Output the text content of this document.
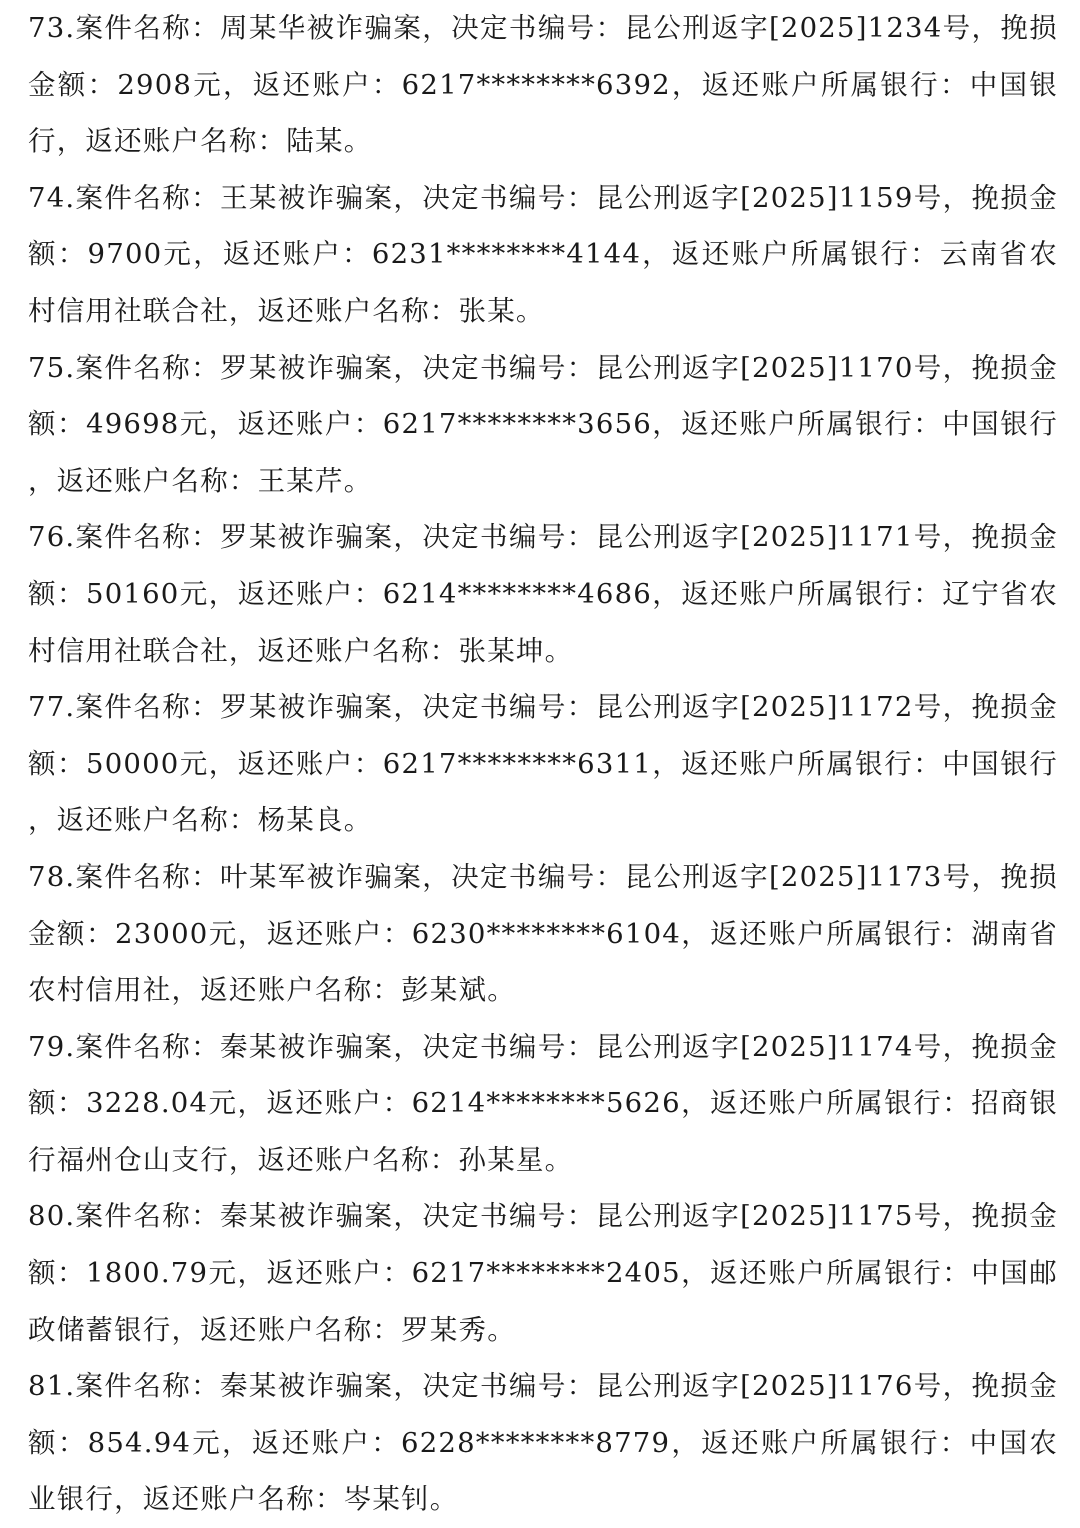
73.案件名称：周某华被诈骗案，决定书编号：昆公刑返字[2025]1234号，挽损金额：2908元，返还账户：6217********6392，返还账户所属银行：中国银行，返还账户名称：陆某。

74.案件名称：王某被诈骗案，决定书编号：昆公刑返字[2025]1159号，挽损金额：9700元，返还账户：6231********4144，返还账户所属银行：云南省农村信用社联合社，返还账户名称：张某。

75.案件名称：罗某被诈骗案，决定书编号：昆公刑返字[2025]1170号，挽损金额：49698元，返还账户：6217********3656，返还账户所属银行：中国银行，返还账户名称：王某芹。

76.案件名称：罗某被诈骗案，决定书编号：昆公刑返字[2025]1171号，挽损金额：50160元，返还账户：6214********4686，返还账户所属银行：辽宁省农村信用社联合社，返还账户名称：张某坤。

77.案件名称：罗某被诈骗案，决定书编号：昆公刑返字[2025]1172号，挽损金额：50000元，返还账户：6217********6311，返还账户所属银行：中国银行，返还账户名称：杨某良。

78.案件名称：叶某军被诈骗案，决定书编号：昆公刑返字[2025]1173号，挽损金额：23000元，返还账户：6230********6104，返还账户所属银行：湖南省农村信用社，返还账户名称：彭某斌。

79.案件名称：秦某被诈骗案，决定书编号：昆公刑返字[2025]1174号，挽损金额：3228.04元，返还账户：6214********5626，返还账户所属银行：招商银行福州仓山支行，返还账户名称：孙某星。

80.案件名称：秦某被诈骗案，决定书编号：昆公刑返字[2025]1175号，挽损金额：1800.79元，返还账户：6217********2405，返还账户所属银行：中国邮政储蓄银行，返还账户名称：罗某秀。

81.案件名称：秦某被诈骗案，决定书编号：昆公刑返字[2025]1176号，挽损金额：854.94元，返还账户：6228********8779，返还账户所属银行：中国农业银行，返还账户名称：岑某钊。
